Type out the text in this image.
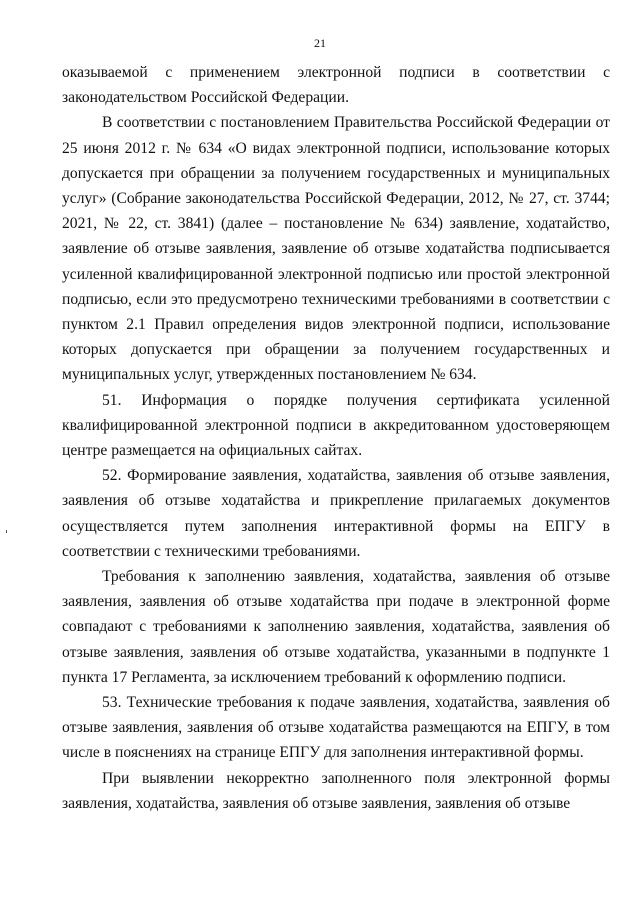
21

оказываемой с применением электронной подписи в соответствии с законодательством Российской Федерации.

В соответствии с постановлением Правительства Российской Федерации от 25 июня 2012 г. № 634 «О видах электронной подписи, использование которых допускается при обращении за получением государственных и муниципальных услуг» (Собрание законодательства Российской Федерации, 2012, № 27, ст. 3744; 2021, № 22, ст. 3841) (далее – постановление № 634) заявление, ходатайство, заявление об отзыве заявления, заявление об отзыве ходатайства подписывается усиленной квалифицированной электронной подписью или простой электронной подписью, если это предусмотрено техническими требованиями в соответствии с пунктом 2.1 Правил определения видов электронной подписи, использование которых допускается при обращении за получением государственных и муниципальных услуг, утвержденных постановлением № 634.

51. Информация о порядке получения сертификата усиленной квалифицированной электронной подписи в аккредитованном удостоверяющем центре размещается на официальных сайтах.

52. Формирование заявления, ходатайства, заявления об отзыве заявления, заявления об отзыве ходатайства и прикрепление прилагаемых документов осуществляется путем заполнения интерактивной формы на ЕПГУ в соответствии с техническими требованиями.

Требования к заполнению заявления, ходатайства, заявления об отзыве заявления, заявления об отзыве ходатайства при подаче в электронной форме совпадают с требованиями к заполнению заявления, ходатайства, заявления об отзыве заявления, заявления об отзыве ходатайства, указанными в подпункте 1 пункта 17 Регламента, за исключением требований к оформлению подписи.

53. Технические требования к подаче заявления, ходатайства, заявления об отзыве заявления, заявления об отзыве ходатайства размещаются на ЕПГУ, в том числе в пояснениях на странице ЕПГУ для заполнения интерактивной формы.

При выявлении некорректно заполненного поля электронной формы заявления, ходатайства, заявления об отзыве заявления, заявления об отзыве
